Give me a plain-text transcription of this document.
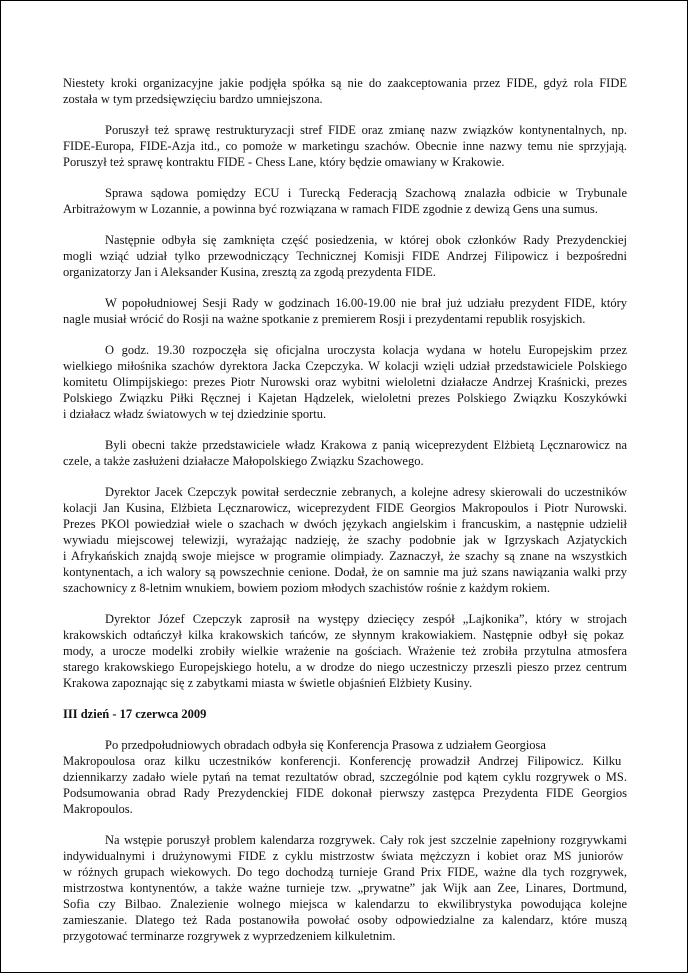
Niestety kroki organizacyjne jakie podjęła spółka są nie do zaakceptowania przez FIDE, gdyż rola FIDE
została w tym przedsięwzięciu bardzo umniejszona.
Poruszył też sprawę restrukturyzacji stref FIDE oraz zmianę nazw związków kontynentalnych, np.
FIDE-Europa, FIDE-Azja itd., co pomoże w marketingu szachów. Obecnie inne nazwy temu nie sprzyjają.
Poruszył też sprawę kontraktu FIDE - Chess Lane, który będzie omawiany w Krakowie.
Sprawa sądowa pomiędzy ECU i Turecką Federacją Szachową znalazła odbicie w Trybunale
Arbitrażowym w Lozannie, a powinna być rozwiązana w ramach FIDE zgodnie z dewizą Gens una sumus.
Następnie odbyła się zamknięta część posiedzenia, w której obok członków Rady Prezydenckiej
mogli wziąć udział tylko przewodniczący Technicznej Komisji FIDE Andrzej Filipowicz i bezpośredni
organizatorzy Jan i Aleksander Kusina, zresztą za zgodą prezydenta FIDE.
W popołudniowej Sesji Rady w godzinach 16.00-19.00 nie brał już udziału prezydent FIDE, który
nagle musiał wrócić do Rosji na ważne spotkanie z premierem Rosji i prezydentami republik rosyjskich.
O godz. 19.30 rozpoczęła się oficjalna uroczysta kolacja wydana w hotelu Europejskim przez
wielkiego miłośnika szachów dyrektora Jacka Czepczyka. W kolacji wzięli udział przedstawiciele Polskiego
komitetu Olimpijskiego: prezes Piotr Nurowski oraz wybitni wieloletni działacze Andrzej Kraśnicki, prezes
Polskiego Związku Piłki Ręcznej i Kajetan Hądzelek, wieloletni prezes Polskiego Związku Koszykówki
i działacz władz światowych w tej dziedzinie sportu.
Byli obecni także przedstawiciele władz Krakowa z panią wiceprezydent Elżbietą Lęcznarowicz na
czele, a także zasłużeni działacze Małopolskiego Związku Szachowego.
Dyrektor Jacek Czepczyk powitał serdecznie zebranych, a kolejne adresy skierowali do uczestników
kolacji Jan Kusina, Elżbieta Lęcznarowicz, wiceprezydent FIDE Georgios Makropoulos i Piotr Nurowski.
Prezes PKOl powiedział wiele o szachach w dwóch językach angielskim i francuskim, a następnie udzielił
wywiadu miejscowej telewizji, wyrażając nadzieję, że szachy podobnie jak w Igrzyskach Azjatyckich
i Afrykańskich znajdą swoje miejsce w programie olimpiady. Zaznaczył, że szachy są znane na wszystkich
kontynentach, a ich walory są powszechnie cenione. Dodał, że on samnie ma już szans nawiązania walki przy
szachownicy z 8-letnim wnukiem, bowiem poziom młodych szachistów rośnie z każdym rokiem.
Dyrektor Józef Czepczyk zaprosił na występy dziecięcy zespół „Lajkonika”, który w strojach
krakowskich odtańczył kilka krakowskich tańców, ze słynnym krakowiakiem. Następnie odbył się pokaz
mody, a urocze modelki zrobiły wielkie wrażenie na gościach. Wrażenie też zrobiła przytulna atmosfera
starego krakowskiego Europejskiego hotelu, a w drodze do niego uczestniczy przeszli pieszo przez centrum
Krakowa zapoznając się z zabytkami miasta w świetle objaśnień Elżbiety Kusiny.
III dzień - 17 czerwca 2009
Po przedpołudniowych obradach odbyła się Konferencja Prasowa z udziałem Georgiosa
Makropoulosa oraz kilku uczestników konferencji. Konferencję prowadził Andrzej Filipowicz. Kilku
dziennikarzy zadało wiele pytań na temat rezultatów obrad, szczególnie pod kątem cyklu rozgrywek o MS.
Podsumowania obrad Rady Prezydenckiej FIDE dokonał pierwszy zastępca Prezydenta FIDE Georgios
Makropoulos.
Na wstępie poruszył problem kalendarza rozgrywek. Cały rok jest szczelnie zapełniony rozgrywkami
indywidualnymi i drużynowymi FIDE z cyklu mistrzostw świata mężczyzn i kobiet oraz MS juniorów
w różnych grupach wiekowych. Do tego dochodzą turnieje Grand Prix FIDE, ważne dla tych rozgrywek,
mistrzostwa kontynentów, a także ważne turnieje tzw. „prywatne” jak Wijk aan Zee, Linares, Dortmund,
Sofia czy Bilbao. Znalezienie wolnego miejsca w kalendarzu to ekwilibrystyka powodująca kolejne
zamieszanie. Dlatego też Rada postanowiła powołać osoby odpowiedzialne za kalendarz, które muszą
przygotować terminarze rozgrywek z wyprzedzeniem kilkuletnim.
